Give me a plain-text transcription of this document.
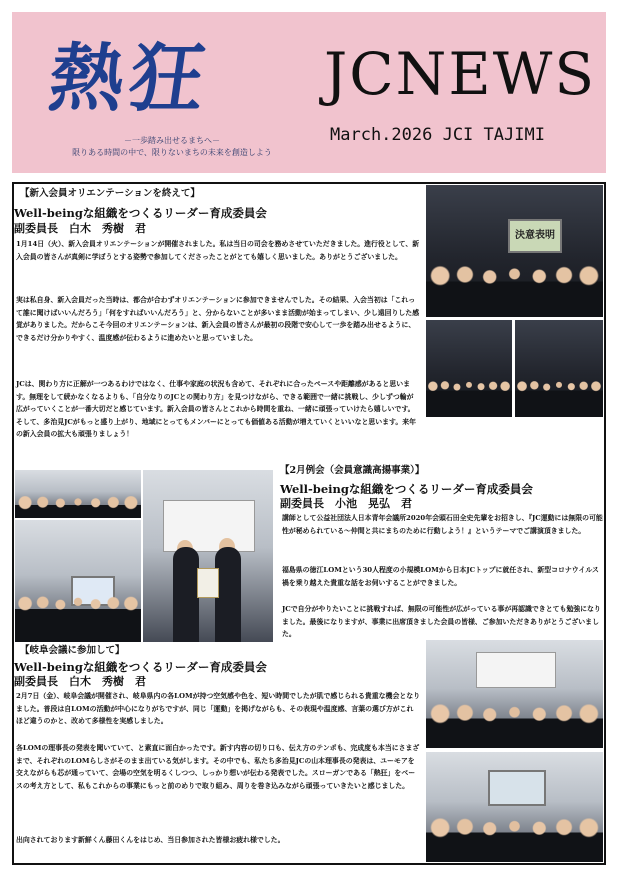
熱狂
－一歩踏み出せるまちへ－
限りある時間の中で、限りないまちの未来を創造しよう
JCNEWS
March.2026 JCI TAJIMI
【新入会員オリエンテーションを終えて】
Well-beingな組織をつくるリーダー育成委員会
副委員長　白木　秀樹　君

1月14日（火）、新入会員オリエンテーションが開催されました。私は当日の司会を務めさせていただきました。進行役として、新入会員の皆さんが真剣に学ぼうとする姿勢で参加してくださったことがとても嬉しく思いました。ありがとうございました。

実は私自身、新入会員だった当時は、都合が合わずオリエンテーションに参加できませんでした。その結果、入会当初は「これって誰に聞けばいいんだろう」「何をすればいいんだろう」と、分からないことが多いまま活動が始まってしまい、少し遠回りした感覚がありました。だからこそ今回のオリエンテーションは、新入会員の皆さんが最初の段階で安心して一歩を踏み出せるように、できるだけ分かりやすく、温度感が伝わるように進めたいと思っていました。

JCは、関わり方に正解が一つあるわけではなく、仕事や家庭の状況も含めて、それぞれに合ったペースや距離感があると思います。無理をして続かなくなるよりも、「自分なりのJCとの関わり方」を見つけながら、できる範囲で一緒に挑戦し、少しずつ輪が広がっていくことが一番大切だと感じています。新入会員の皆さんとこれから時間を重ね、一緒に頑張っていけたら嬉しいです。そして、多治見JCがもっと盛り上がり、地域にとってもメンバーにとっても価値ある活動が増えていくといいなと思います。来年の新入会員の拡大も頑張りましょう！

決意表明
【2月例会（会員意識高揚事業）】
Well-beingな組織をつくるリーダー育成委員会
副委員長　小池　晃弘　君

講師として公益社団法人日本青年会議所2020年会頭石田全史先輩をお招きし、『JC運動には無限の可能性が秘められている～仲間と共にまちのために行動しよう！』というテーマでご講演頂きました。

福島県の徳江LOMという30人程度の小規模LOMから日本JCトップに就任され、新型コロナウイルス禍を乗り越えた貴重な話をお伺いすることができました。

JCで自分がやりたいことに挑戦すれば、無限の可能性が広がっている事が再認識できとても勉強になりました。最後になりますが、事業に出席頂きました会員の皆様、ご参加いただきありがとうございました。

【岐阜会議に参加して】
Well-beingな組織をつくるリーダー育成委員会
副委員長　白木　秀樹　君

2月7日（金）、岐阜会議が開催され、岐阜県内の各LOMが持つ空気感や色を、短い時間でしたが肌で感じられる貴重な機会となりました。普段は自LOMの活動が中心になりがちですが、同じ「運動」を掲げながらも、その表現や温度感、言葉の選び方がこれほど違うのかと、改めて多様性を実感しました。

各LOMの理事長の発表を聞いていて、と素直に面白かったです。新す内容の切り口も、伝え方のテンポも、完成度も本当にさまざまで、それぞれのLOMらしさがそのまま出ている気がします。その中でも、私たち多治見JCの山本理事長の発表は、ユーモアを交えながらも芯が通っていて、会場の空気を明るくしつつ、しっかり想いが伝わる発表でした。スローガンである「熱狂」をベースの考え方として、私もこれからの事業にもっと前のめりで取り組み、周りを巻き込みながら頑張っていきたいと感じました。

出向されております新鮮くん藤田くんをはじめ、当日参加された皆様お疲れ様でした。
